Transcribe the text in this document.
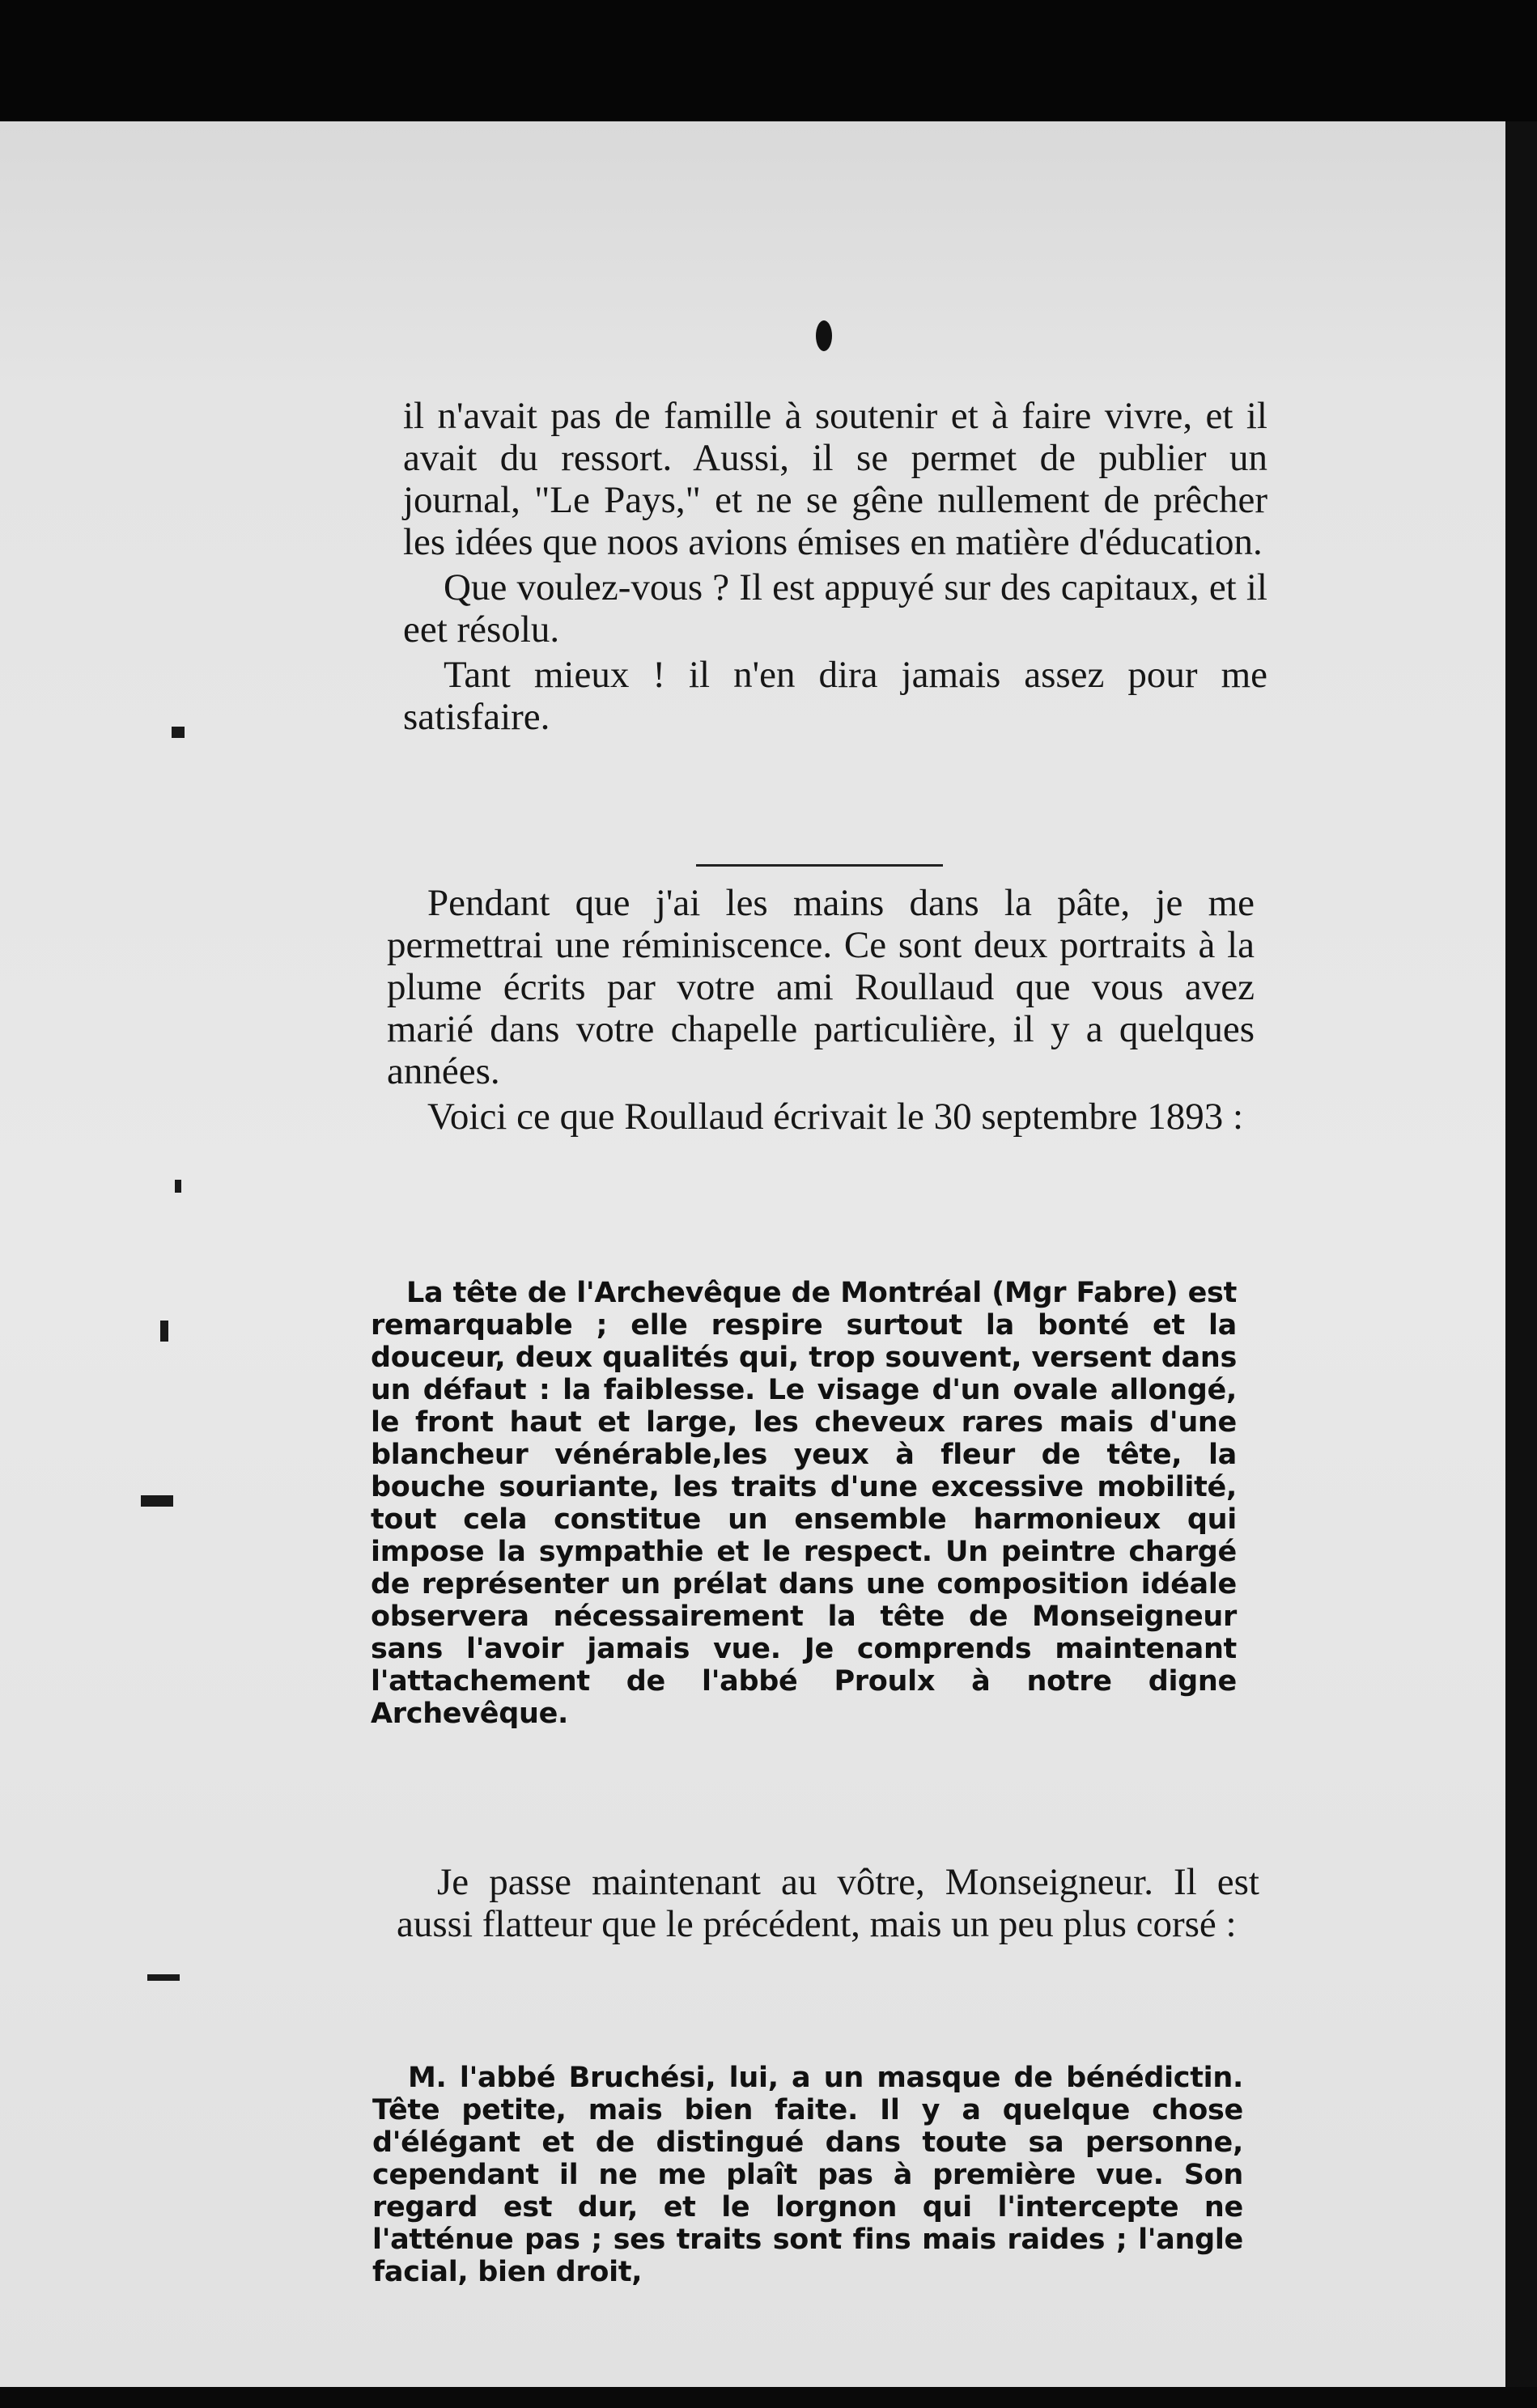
il n'avait pas de famille à soutenir et à faire vivre, et il avait du ressort. Aussi, il se permet de publier un journal, "Le Pays," et ne se gêne nullement de prêcher les idées que noos avions émises en matière d'éducation.

Que voulez-vous ? Il est appuyé sur des capitaux, et il eet résolu.

Tant mieux ! il n'en dira jamais assez pour me satisfaire.

Pendant que j'ai les mains dans la pâte, je me permettrai une réminiscence. Ce sont deux portraits à la plume écrits par votre ami Roullaud que vous avez marié dans votre chapelle particulière, il y a quelques années.

Voici ce que Roullaud écrivait le 30 septembre 1893 :

La tête de l'Archevêque de Montréal (Mgr Fabre) est remarquable ; elle respire surtout la bonté et la douceur, deux qualités qui, trop souvent, versent dans un défaut : la faiblesse. Le visage d'un ovale allongé, le front haut et large, les cheveux rares mais d'une blancheur vénérable,les yeux à fleur de tête, la bouche souriante, les traits d'une excessive mobilité, tout cela constitue un ensemble harmonieux qui impose la sympathie et le respect. Un peintre chargé de représenter un prélat dans une composition idéale observera nécessairement la tête de Monseigneur sans l'avoir jamais vue. Je comprends maintenant l'attachement de l'abbé Proulx à notre digne Archevêque.

Je passe maintenant au vôtre, Monseigneur. Il est aussi flatteur que le précédent, mais un peu plus corsé :

M. l'abbé Bruchési, lui, a un masque de bénédictin. Tête petite, mais bien faite. Il y a quelque chose d'élégant et de distingué dans toute sa personne, cependant il ne me plaît pas à première vue. Son regard est dur, et le lorgnon qui l'intercepte ne l'atténue pas ; ses traits sont fins mais raides ; l'angle facial, bien droit,
